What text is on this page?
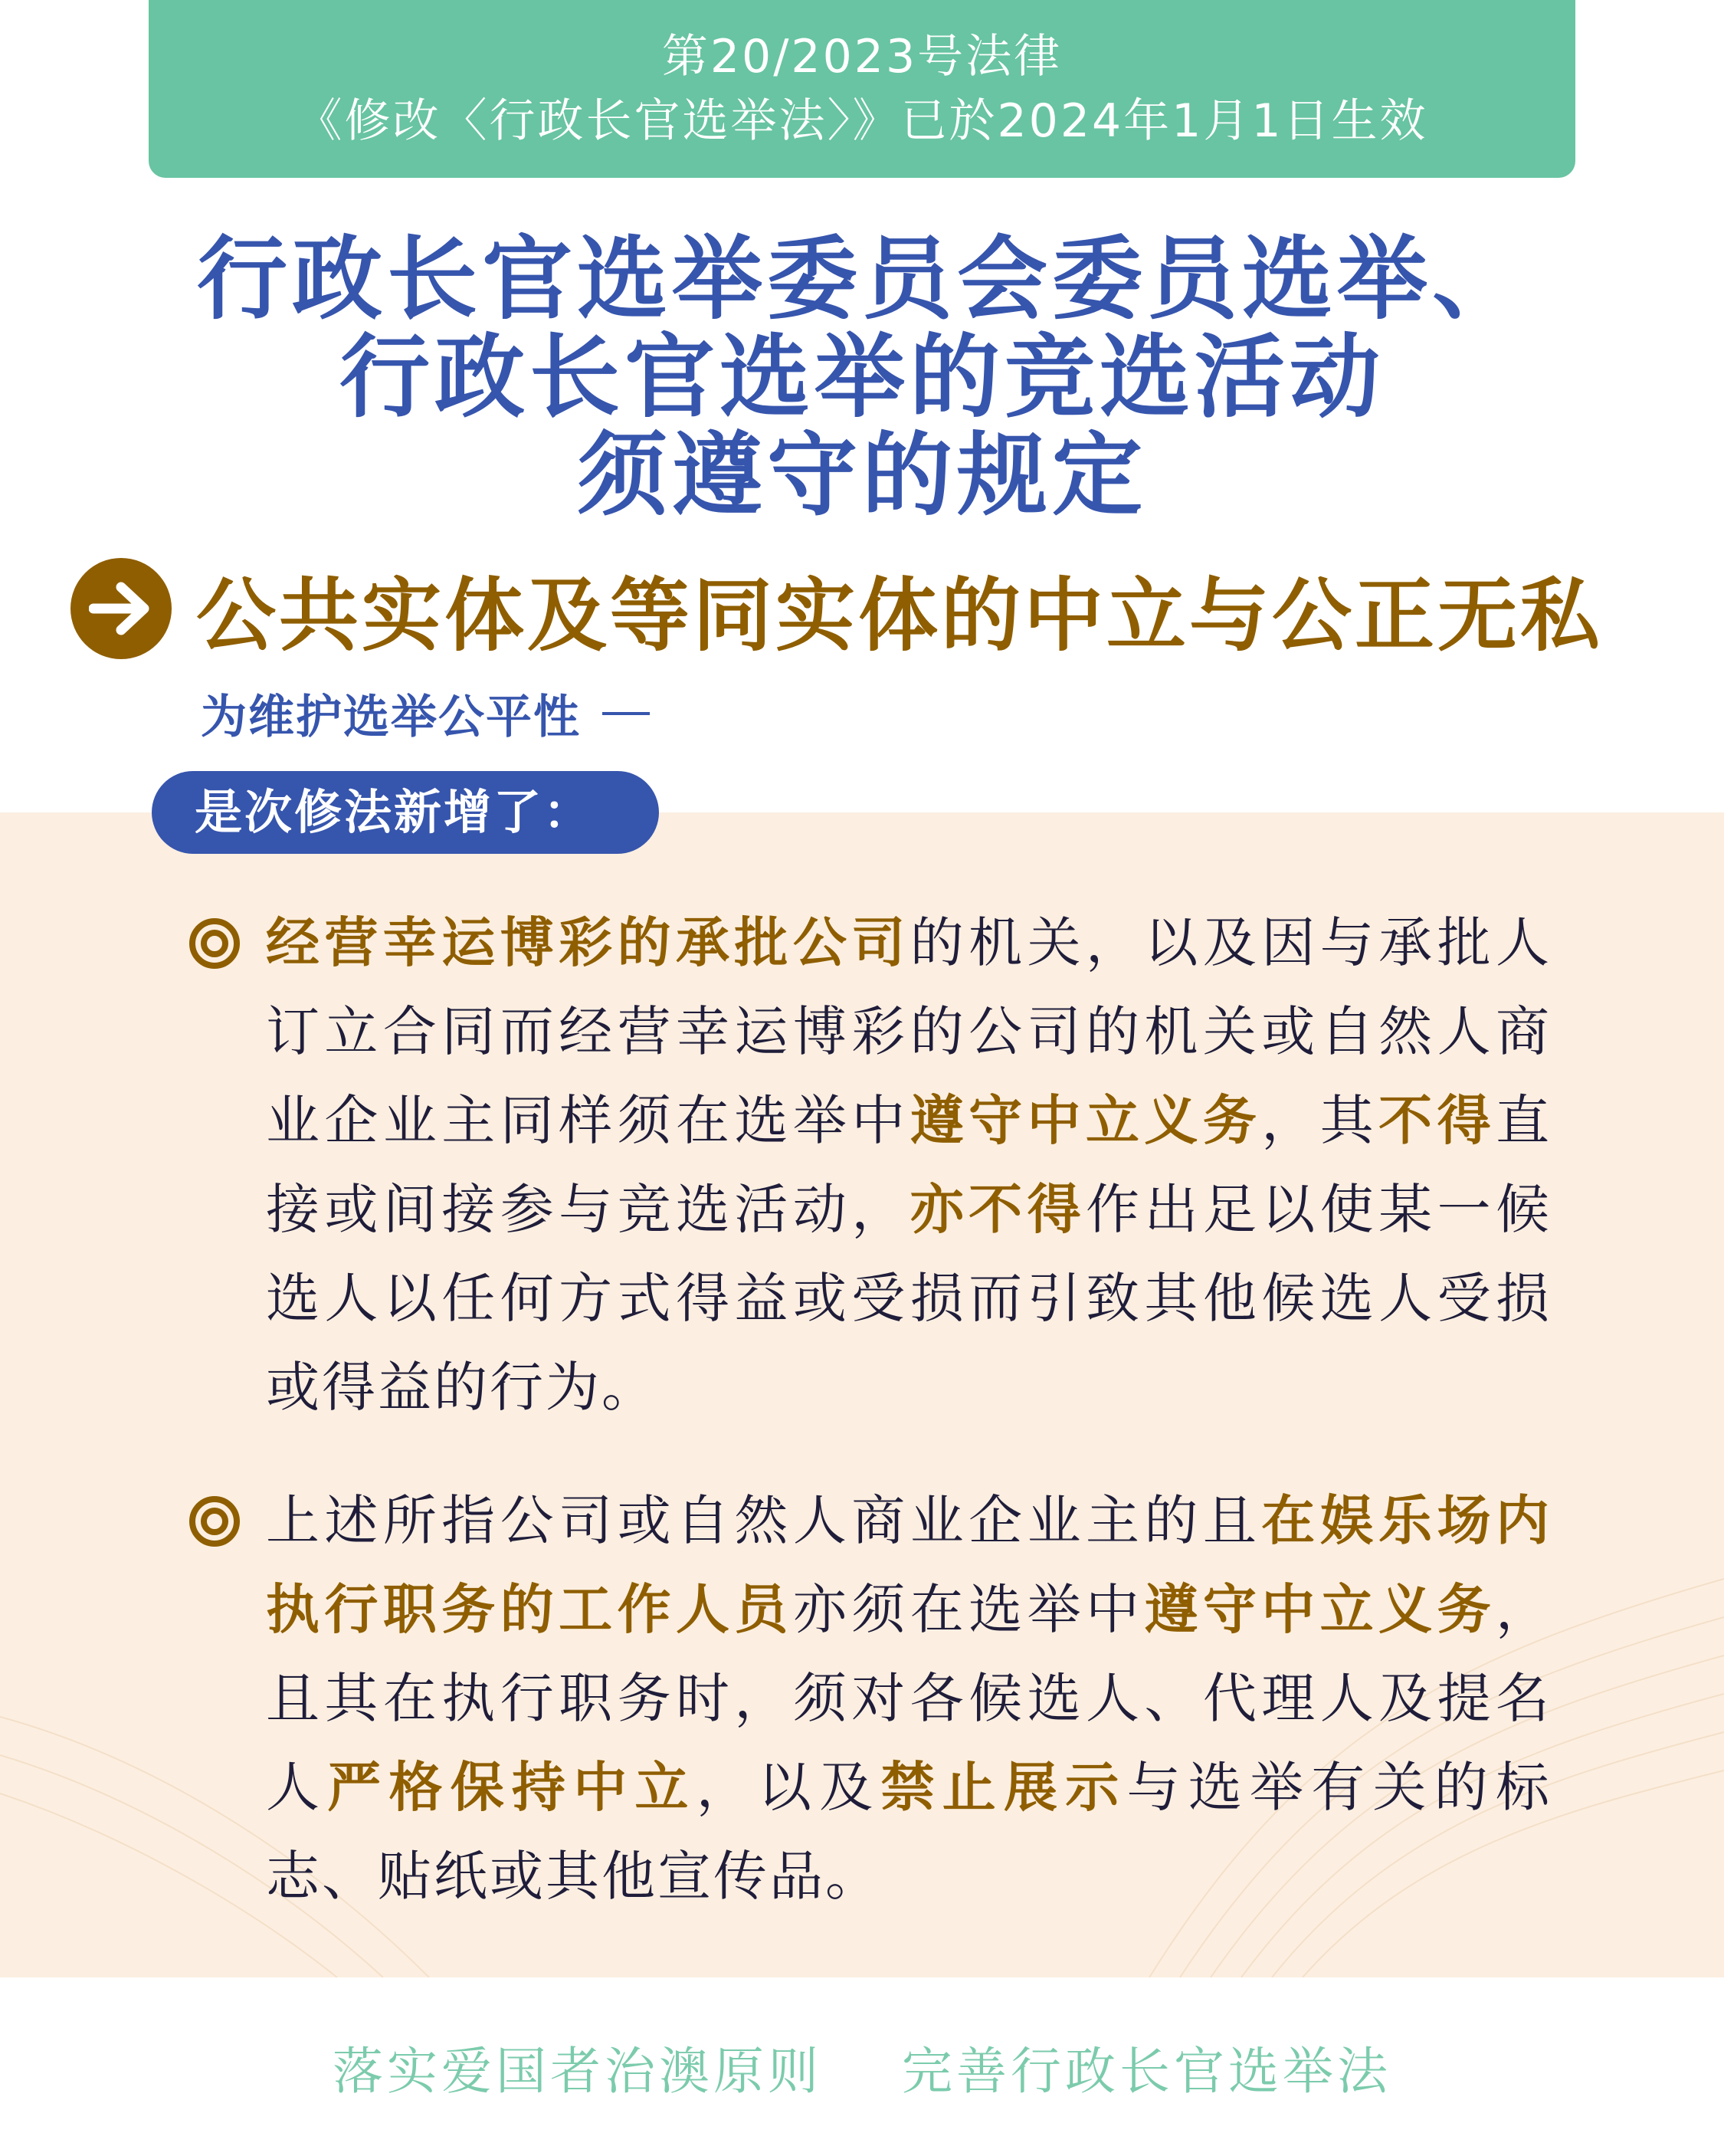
第20/2023号法律
《修改〈行政长官选举法〉》已於2024年1月1日生效
行政长官选举委员会委员选举、
行政长官选举的竞选活动
须遵守的规定
公共实体及等同实体的中立与公正无私
为维护选举公平性
是次修法新增了：
经营幸运博彩的承批公司的机关，以及因与承批人订立合同而经营幸运博彩的公司的机关或自然人商业企业主同样须在选举中遵守中立义务，其不得直接或间接参与竞选活动，亦不得作出足以使某一候选人以任何方式得益或受损而引致其他候选人受损或得益的行为。
上述所指公司或自然人商业企业主的且在娱乐场内执行职务的工作人员亦须在选举中遵守中立义务，且其在执行职务时，须对各候选人、代理人及提名人严格保持中立，以及禁止展示与选举有关的标志、贴纸或其他宣传品。
落实爱国者治澳原则 完善行政长官选举法
